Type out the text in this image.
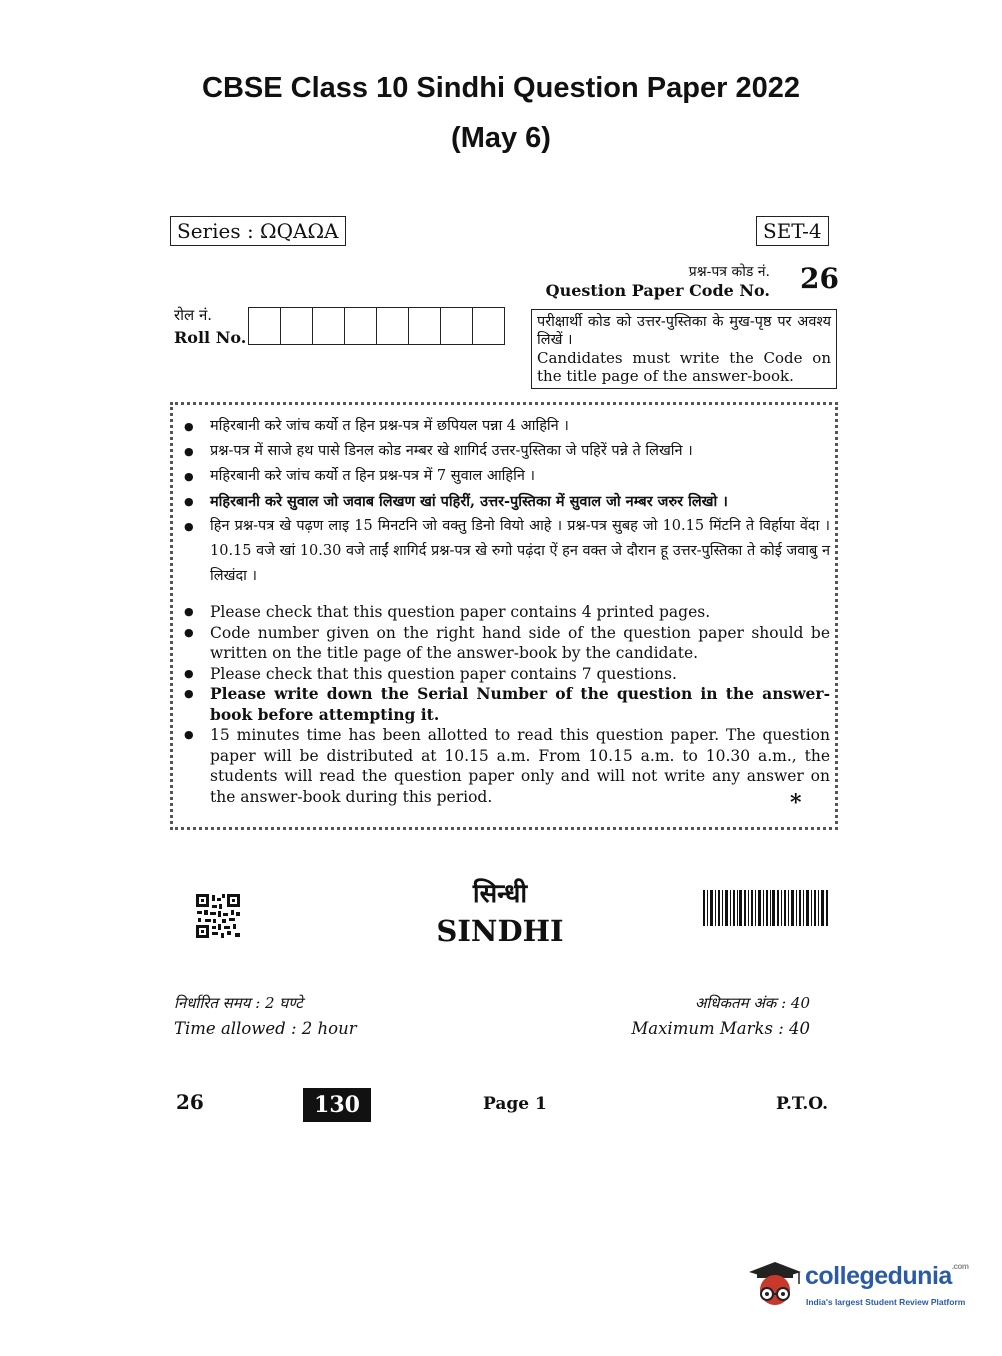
CBSE Class 10 Sindhi Question Paper 2022
(May 6)
Series : ΩQAΩA	SET-4
प्रश्न-पत्र कोड नं.
Question Paper Code No. 26
रोल नं.
Roll No.
परीक्षार्थी कोड को उत्तर-पुस्तिका के मुख-पृष्ठ पर अवश्य लिखें ।
Candidates must write the Code on the title page of the answer-book.
● महिरबानी करे जांच कर्यो त हिन प्रश्न-पत्र में छपियल पन्ना 4 आहिनि ।
● प्रश्न-पत्र में साजे हथ पासे डिनल कोड नम्बर खे शागिर्द उत्तर-पुस्तिका जे पहिरें पन्ने ते लिखनि ।
● महिरबानी करे जांच कर्यो त हिन प्रश्न-पत्र में 7 सुवाल आहिनि ।
● महिरबानी करे सुवाल जो जवाब लिखण खां पहिरीं, उत्तर-पुस्तिका में सुवाल जो नम्बर जरुर लिखो ।
● हिन प्रश्न-पत्र खे पढ़ण लाइ 15 मिनटनि जो वक्तु डिनो वियो आहे । प्रश्न-पत्र सुबह जो 10.15 मिंटनि ते विर्हाया वेंदा । 10.15 वजे खां 10.30 वजे ताईं शागिर्द प्रश्न-पत्र खे रुगो पढ़ंदा ऐं हन वक्त जे दौरान हू उत्तर-पुस्तिका ते कोई जवाबु न लिखंदा ।
● Please check that this question paper contains 4 printed pages.
● Code number given on the right hand side of the question paper should be written on the title page of the answer-book by the candidate.
● Please check that this question paper contains 7 questions.
● Please write down the Serial Number of the question in the answer-book before attempting it.
● 15 minutes time has been allotted to read this question paper. The question paper will be distributed at 10.15 a.m. From 10.15 a.m. to 10.30 a.m., the students will read the question paper only and will not write any answer on the answer-book during this period.	*
सिन्धी
SINDHI
निर्धारित समय : 2 घण्टे
Time allowed : 2 hour
अधिकतम अंक : 40
Maximum Marks : 40
26	130	Page 1	P.T.O.
collegedunia$^{.com}$
India's largest Student Review Platform
